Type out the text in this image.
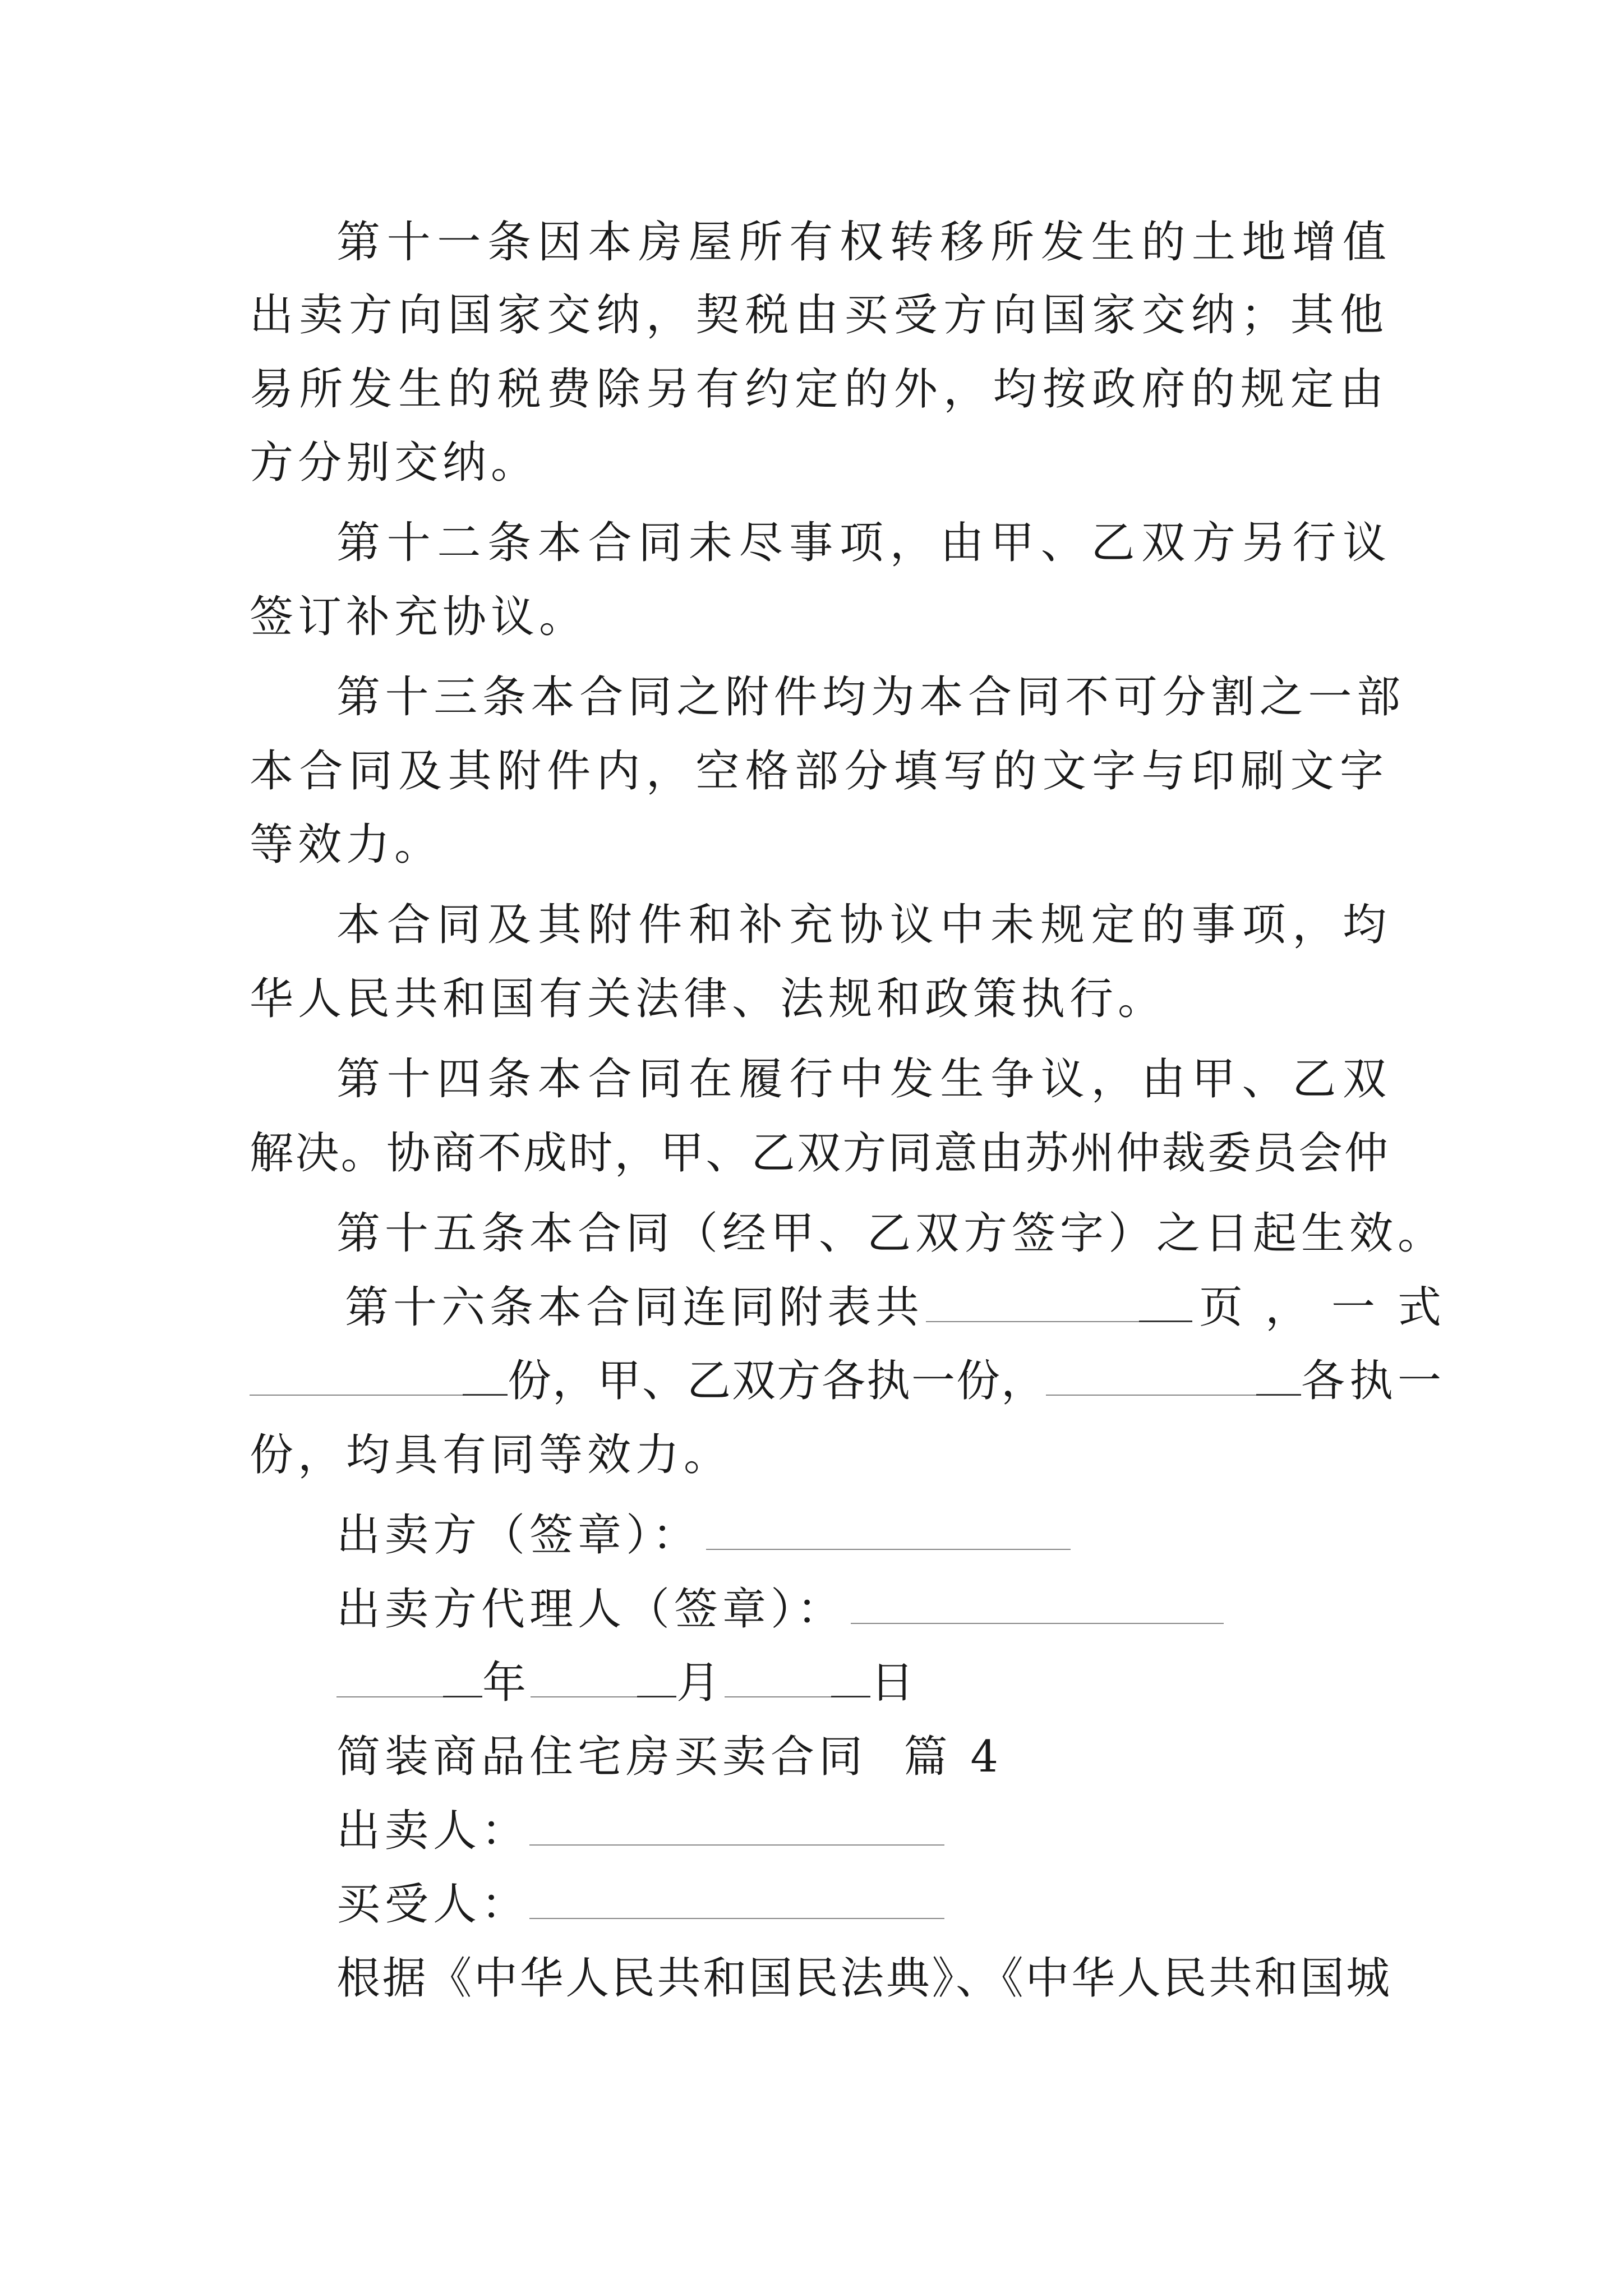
第十一条因本房屋所有权转移所发生的土地增值
出卖方向国家交纳，契税由买受方向国家交纳；其他
易所发生的税费除另有约定的外，均按政府的规定由
方分别交纳。
第十二条本合同未尽事项，由甲、乙双方另行议
签订补充协议。
第十三条本合同之附件均为本合同不可分割之一部
本合同及其附件内，空格部分填写的文字与印刷文字
等效力。
本合同及其附件和补充协议中未规定的事项，均
华人民共和国有关法律、法规和政策执行。
第十四条本合同在履行中发生争议，由甲、乙双
解决。协商不成时，甲、乙双方同意由苏州仲裁委员会仲
第十五条本合同（经甲、乙双方签字）之日起生效。
第十六条本合同连同附表共	页，一式
份，甲、乙双方各执一份，	各执一
份，均具有同等效力。
出卖方（签章）：
出卖方代理人（签章）：
年	月	日
简装商品住宅房买卖合同  篇 4
出卖人：
买受人：
根据《中华人民共和国民法典》、《中华人民共和国城
